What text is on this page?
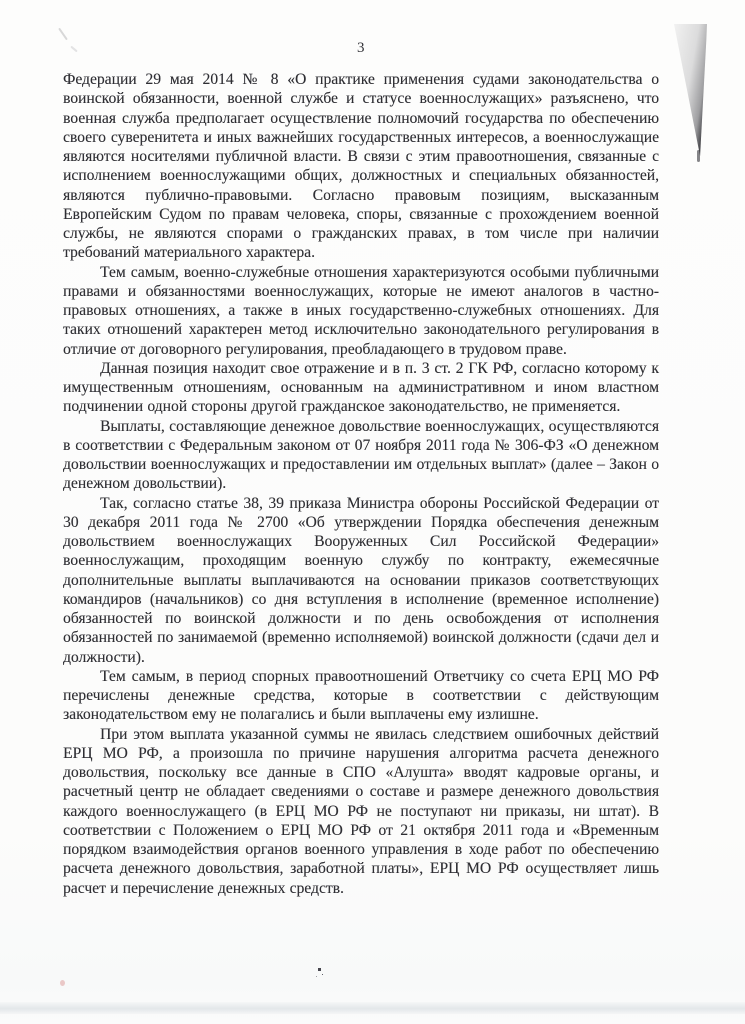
3

Федерации 29 мая 2014 № 8 «О практике применения судами законодательства о воинской обязанности, военной службе и статусе военнослужащих» разъяснено, что военная служба предполагает осуществление полномочий государства по обеспечению своего суверенитета и иных важнейших государственных интересов, а военнослужащие являются носителями публичной власти. В связи с этим правоотношения, связанные с исполнением военнослужащими общих, должностных и специальных обязанностей, являются публично-правовыми. Согласно правовым позициям, высказанным Европейским Судом по правам человека, споры, связанные с прохождением военной службы, не являются спорами о гражданских правах, в том числе при наличии требований материального характера.

Тем самым, военно-служебные отношения характеризуются особыми публичными правами и обязанностями военнослужащих, которые не имеют аналогов в частно-правовых отношениях, а также в иных государственно-служебных отношениях. Для таких отношений характерен метод исключительно законодательного регулирования в отличие от договорного регулирования, преобладающего в трудовом праве.

Данная позиция находит свое отражение и в п. 3 ст. 2 ГК РФ, согласно которому к имущественным отношениям, основанным на административном и ином властном подчинении одной стороны другой гражданское законодательство, не применяется.

Выплаты, составляющие денежное довольствие военнослужащих, осуществляются в соответствии с Федеральным законом от 07 ноября 2011 года № 306-ФЗ «О денежном довольствии военнослужащих и предоставлении им отдельных выплат» (далее – Закон о денежном довольствии).

Так, согласно статье 38, 39 приказа Министра обороны Российской Федерации от 30 декабря 2011 года № 2700 «Об утверждении Порядка обеспечения денежным довольствием военнослужащих Вооруженных Сил Российской Федерации» военнослужащим, проходящим военную службу по контракту, ежемесячные дополнительные выплаты выплачиваются на основании приказов соответствующих командиров (начальников) со дня вступления в исполнение (временное исполнение) обязанностей по воинской должности и по день освобождения от исполнения обязанностей по занимаемой (временно исполняемой) воинской должности (сдачи дел и должности).

Тем самым, в период спорных правоотношений Ответчику со счета ЕРЦ МО РФ перечислены денежные средства, которые в соответствии с действующим законодательством ему не полагались и были выплачены ему излишне.

При этом выплата указанной суммы не явилась следствием ошибочных действий ЕРЦ МО РФ, а произошла по причине нарушения алгоритма расчета денежного довольствия, поскольку все данные в СПО «Алушта» вводят кадровые органы, и расчетный центр не обладает сведениями о составе и размере денежного довольствия каждого военнослужащего (в ЕРЦ МО РФ не поступают ни приказы, ни штат). В соответствии с Положением о ЕРЦ МО РФ от 21 октября 2011 года и «Временным порядком взаимодействия органов военного управления в ходе работ по обеспечению расчета денежного довольствия, заработной платы», ЕРЦ МО РФ осуществляет лишь расчет и перечисление денежных средств.
